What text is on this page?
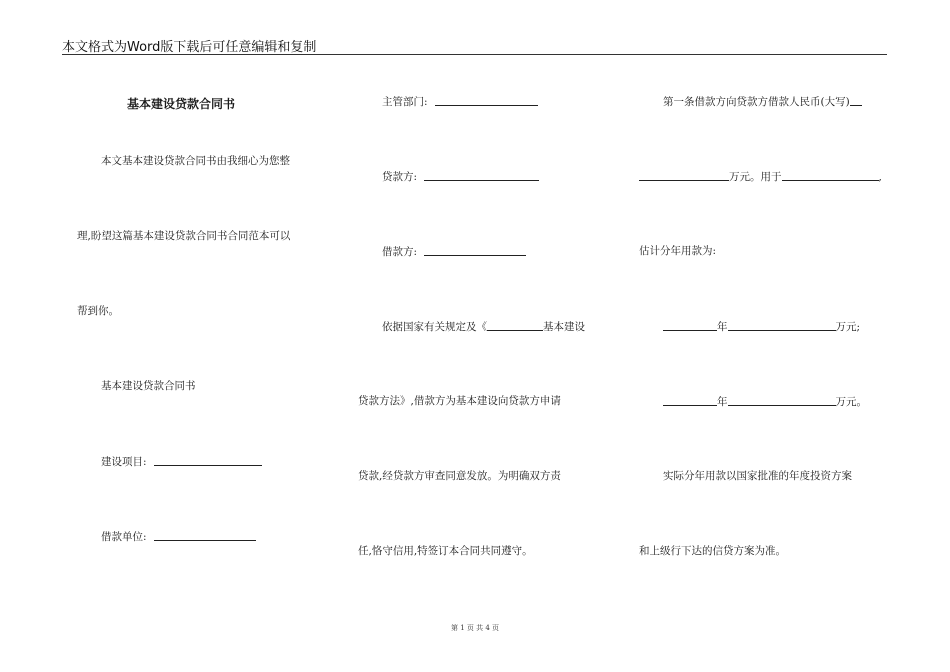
本文格式为Word版下载后可任意编辑和复制
基本建设贷款合同书
本文基本建设贷款合同书由我细心为您整
理,盼望这篇基本建设贷款合同书合同范本可以
帮到你。
基本建设贷款合同书
建设项目:
借款单位:
主管部门:
贷款方:
借款方:
依据国家有关规定及《	基本建设
贷款方法》,借款方为基本建设向贷款方申请
贷款,经贷款方审查同意发放。为明确双方责
任,恪守信用,特签订本合同共同遵守。
第一条借款方向贷款方借款人民币(大写)
万元。用于	,
估计分年用款为:
年	万元;
年	万元。
实际分年用款以国家批准的年度投资方案
和上级行下达的信贷方案为准。
第 1 页 共 4 页
